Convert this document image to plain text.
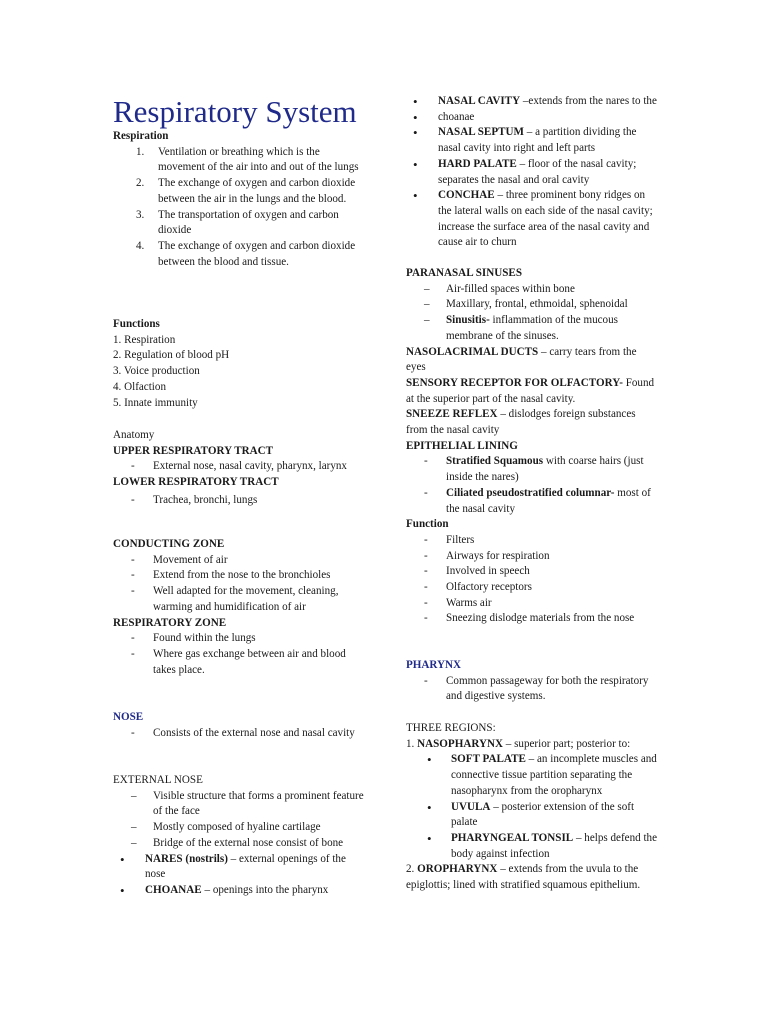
Respiratory System
Respiration
1. Ventilation or breathing which is the movement of the air into and out of the lungs
2. The exchange of oxygen and carbon dioxide between the air in the lungs and the blood.
3. The transportation of oxygen and carbon dioxide
4. The exchange of oxygen and carbon dioxide between the blood and tissue.
Functions
1. Respiration
2. Regulation of blood pH
3. Voice production
4. Olfaction
5. Innate immunity
Anatomy
UPPER RESPIRATORY TRACT
- External nose, nasal cavity, pharynx, larynx
LOWER RESPIRATORY TRACT
- Trachea, bronchi, lungs
CONDUCTING ZONE
- Movement of air
- Extend from the nose to the bronchioles
- Well adapted for the movement, cleaning, warming and humidification of air
RESPIRATORY ZONE
- Found within the lungs
- Where gas exchange between air and blood takes place.
NOSE
- Consists of the external nose and nasal cavity
EXTERNAL NOSE
– Visible structure that forms a prominent feature of the face
– Mostly composed of hyaline cartilage
– Bridge of the external nose consist of bone
• NARES (nostrils) – external openings of the nose
• CHOANAE – openings into the pharynx
• NASAL CAVITY –extends from the nares to the
• choanae
• NASAL SEPTUM – a partition dividing the nasal cavity into right and left parts
• HARD PALATE – floor of the nasal cavity; separates the nasal and oral cavity
• CONCHAE – three prominent bony ridges on the lateral walls on each side of the nasal cavity; increase the surface area of the nasal cavity and cause air to churn
PARANASAL SINUSES
– Air-filled spaces within bone
– Maxillary, frontal, ethmoidal, sphenoidal
– Sinusitis- inflammation of the mucous membrane of the sinuses.
NASOLACRIMAL DUCTS – carry tears from the eyes
SENSORY RECEPTOR FOR OLFACTORY- Found at the superior part of the nasal cavity.
SNEEZE REFLEX – dislodges foreign substances from the nasal cavity
EPITHELIAL LINING
- Stratified Squamous with coarse hairs (just inside the nares)
- Ciliated pseudostratified columnar- most of the nasal cavity
Function
- Filters
- Airways for respiration
- Involved in speech
- Olfactory receptors
- Warms air
- Sneezing dislodge materials from the nose
PHARYNX
- Common passageway for both the respiratory and digestive systems.
THREE REGIONS:
1. NASOPHARYNX – superior part; posterior to:
• SOFT PALATE – an incomplete muscles and connective tissue partition separating the nasopharynx from the oropharynx
• UVULA – posterior extension of the soft palate
• PHARYNGEAL TONSIL – helps defend the body against infection
2. OROPHARYNX – extends from the uvula to the epiglottis; lined with stratified squamous epithelium.
